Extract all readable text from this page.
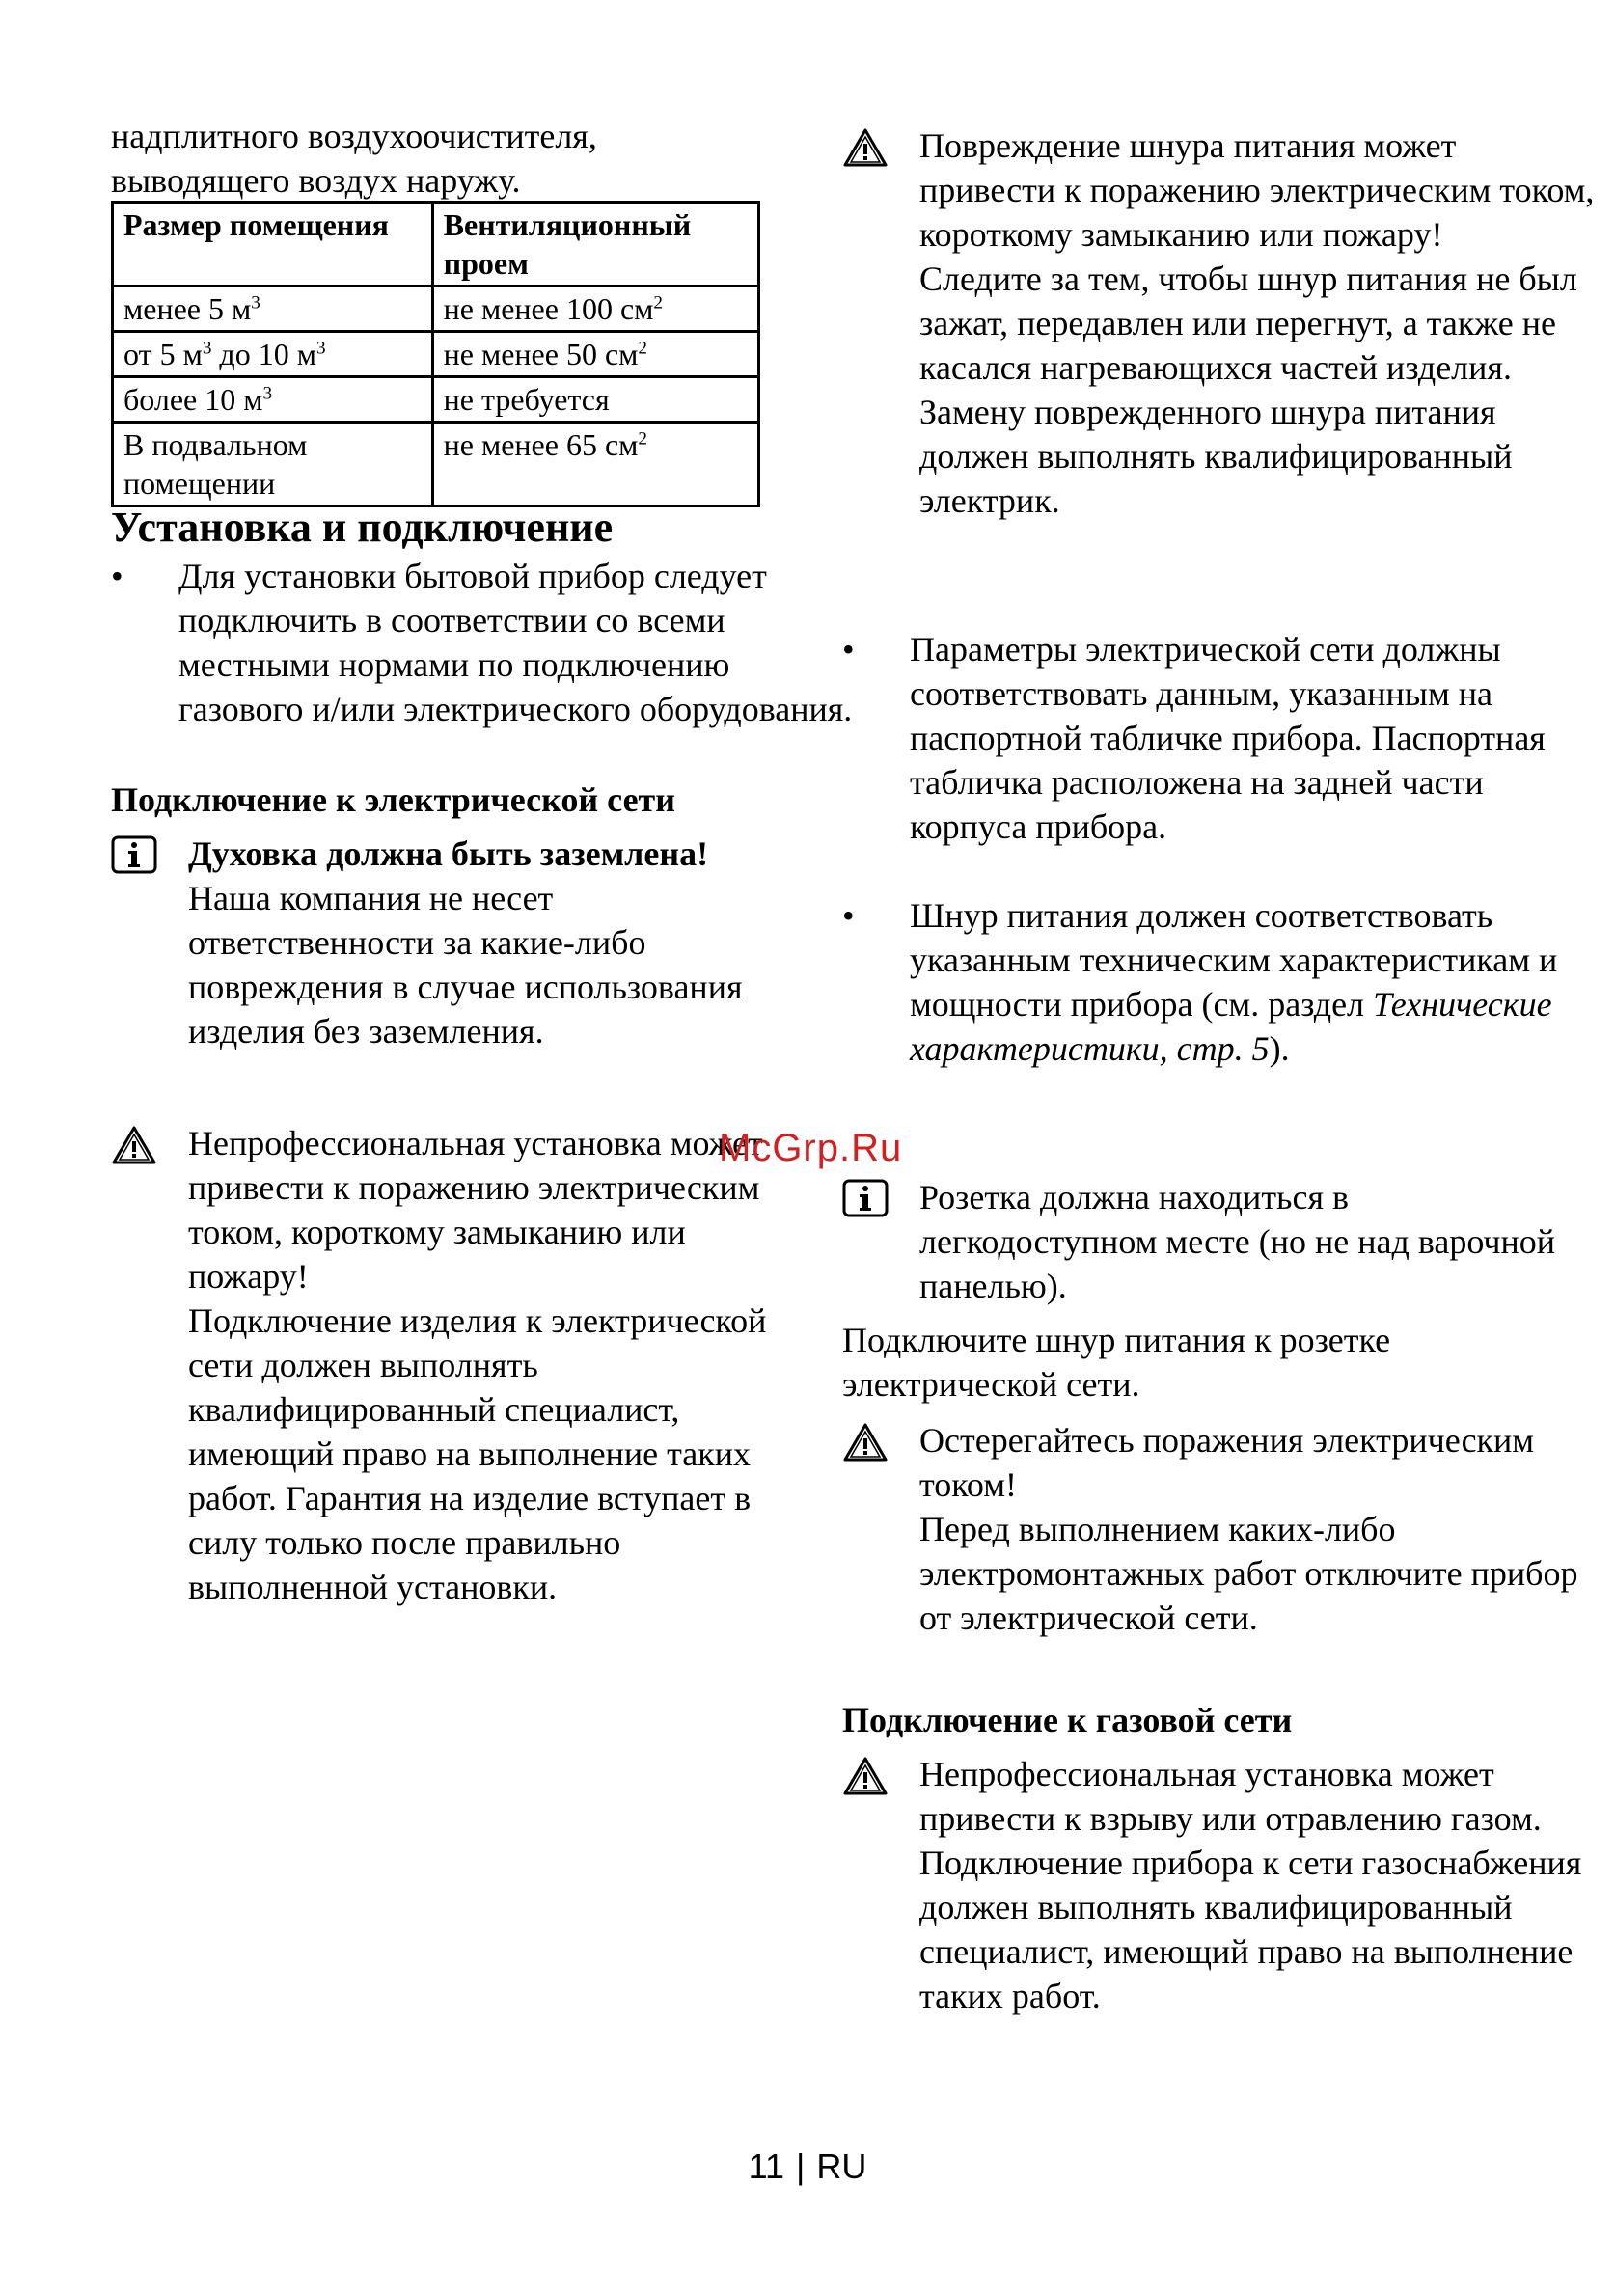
надплитного воздухоочистителя,

выводящего воздух наружу.

Размер помещения	Вентиляционный проем
менее 5 $м^3$	не менее 100 $см^2$
от 5 $м^3$ до 10 $м^3$	не менее 50 $см^2$
более 10 $м^3$	не требуется
В подвальном помещении	не менее 65 $см^2$

Установка и подключение

• Для установки бытовой прибор следует подключить в соответствии со всеми местными нормами по подключению газового и/или электрического оборудования.

Подключение к электрической сети

Духовка должна быть заземлена!

Наша компания не несет ответственности за какие-либо повреждения в случае использования изделия без заземления.

Непрофессиональная установка может привести к поражению электрическим током, короткому замыканию или пожару!

Подключение изделия к электрической сети должен выполнять квалифицированный специалист, имеющий право на выполнение таких работ. Гарантия на изделие вступает в силу только после правильно выполненной установки.

Повреждение шнура питания может привести к поражению электрическим током, короткому замыканию или пожару!

Следите за тем, чтобы шнур питания не был зажат, передавлен или перегнут, а также не касался нагревающихся частей изделия.

Замену поврежденного шнура питания должен выполнять квалифицированный электрик.

• Параметры электрической сети должны соответствовать данным, указанным на паспортной табличке прибора. Паспортная табличка расположена на задней части корпуса прибора.

• Шнур питания должен соответствовать указанным техническим характеристикам и мощности прибора (см. раздел Технические характеристики, стр. 5).

Розетка должна находиться в легкодоступном месте (но не над варочной панелью).

Подключите шнур питания к розетке электрической сети.

Остерегайтесь поражения электрическим током!

Перед выполнением каких-либо электромонтажных работ отключите прибор от электрической сети.

Подключение к газовой сети

Непрофессиональная установка может привести к взрыву или отравлению газом.

Подключение прибора к сети газоснабжения должен выполнять квалифицированный специалист, имеющий право на выполнение таких работ.

McGrp.Ru
11 | RU
